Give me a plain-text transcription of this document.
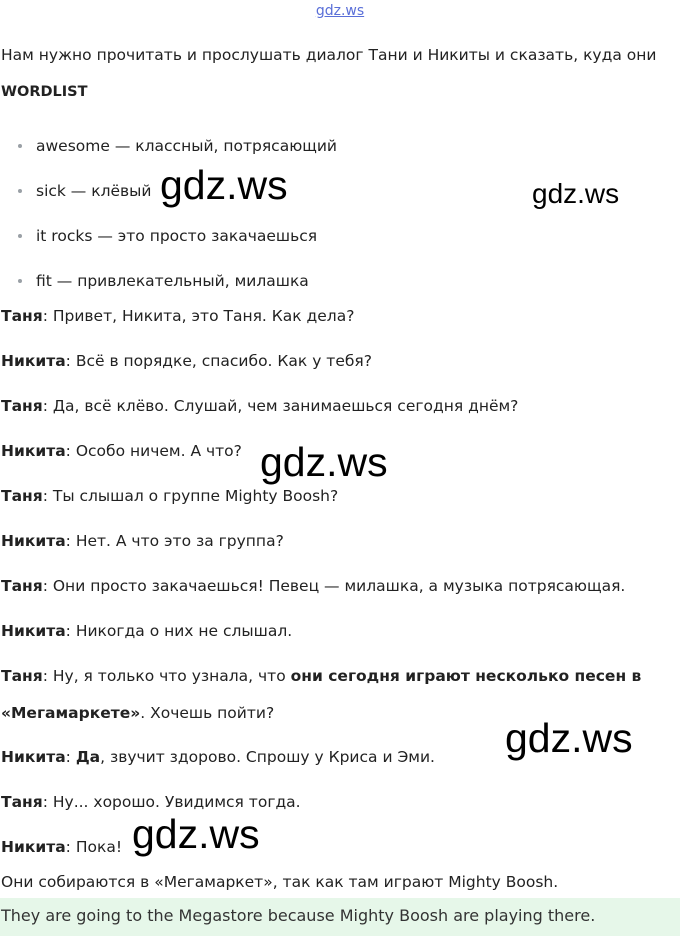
gdz.ws
Нам нужно прочитать и прослушать диалог Тани и Никиты и сказать, куда они
WORDLIST
awesome — классный, потрясающий
sick — клёвый
it rocks — это просто закачаешься
fit — привлекательный, милашка
Таня: Привет, Никита, это Таня. Как дела?
Никита: Всё в порядке, спасибо. Как у тебя?
Таня: Да, всё клёво. Слушай, чем занимаешься сегодня днём?
Никита: Особо ничем. А что?
Таня: Ты слышал о группе Mighty Boosh?
Никита: Нет. А что это за группа?
Таня: Они просто закачаешься! Певец — милашка, а музыка потрясающая.
Никита: Никогда о них не слышал.
Таня: Ну, я только что узнала, что они сегодня играют несколько песен в
«Мегамаркете». Хочешь пойти?
Никита: Да, звучит здорово. Спрошу у Криса и Эми.
Таня: Ну... хорошо. Увидимся тогда.
Никита: Пока!
Они собираются в «Мегамаркет», так как там играют Mighty Boosh.
They are going to the Megastore because Mighty Boosh are playing there.
gdz.ws	gdz.ws
gdz.ws
gdz.ws
gdz.ws
